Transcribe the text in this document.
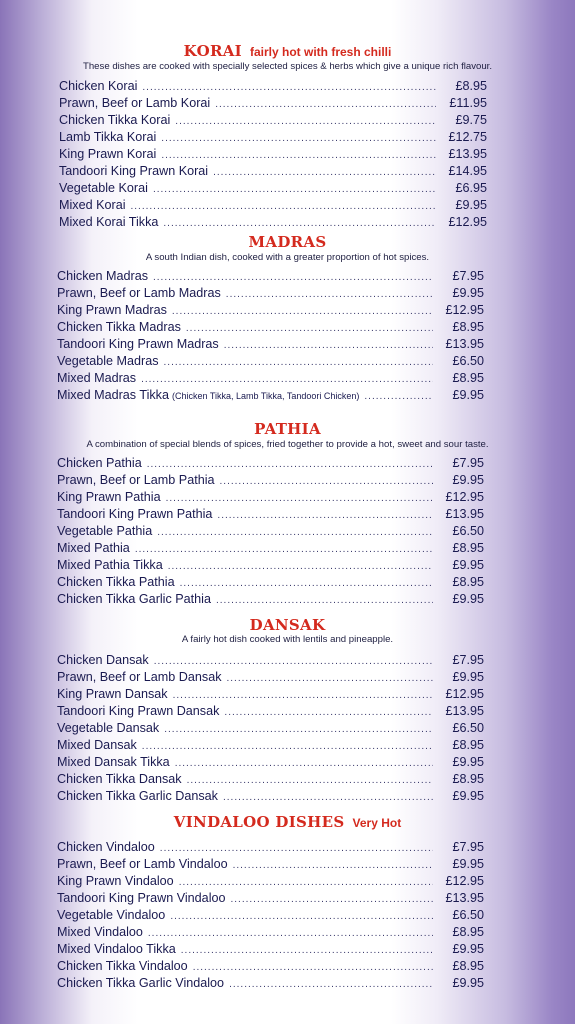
KORAI fairly hot with fresh chilli
These dishes are cooked with specially selected spices & herbs which give a unique rich flavour.
Chicken Korai .....	£8.95
Prawn, Beef or Lamb Korai .....	£11.95
Chicken Tikka Korai .....	£9.75
Lamb Tikka Korai .....	£12.75
King Prawn Korai .....	£13.95
Tandoori King Prawn Korai .....	£14.95
Vegetable Korai .....	£6.95
Mixed Korai .....	£9.95
Mixed Korai Tikka .....	£12.95
MADRAS
A south Indian dish, cooked with a greater proportion of hot spices.
Chicken Madras .....	£7.95
Prawn, Beef or Lamb Madras .....	£9.95
King Prawn Madras .....	£12.95
Chicken Tikka Madras .....	£8.95
Tandoori King Prawn Madras .....	£13.95
Vegetable Madras .....	£6.50
Mixed Madras .....	£8.95
Mixed Madras Tikka (Chicken Tikka, Lamb Tikka, Tandoori Chicken) .....	£9.95
PATHIA
A combination of special blends of spices, fried together to provide a hot, sweet and sour taste.
Chicken Pathia .....	£7.95
Prawn, Beef or Lamb Pathia .....	£9.95
King Prawn Pathia .....	£12.95
Tandoori King Prawn Pathia .....	£13.95
Vegetable Pathia .....	£6.50
Mixed Pathia .....	£8.95
Mixed Pathia Tikka .....	£9.95
Chicken Tikka Pathia .....	£8.95
Chicken Tikka Garlic Pathia .....	£9.95
DANSAK
A fairly hot dish cooked with lentils and pineapple.
Chicken Dansak .....	£7.95
Prawn, Beef or Lamb Dansak .....	£9.95
King Prawn Dansak .....	£12.95
Tandoori King Prawn Dansak .....	£13.95
Vegetable Dansak .....	£6.50
Mixed Dansak .....	£8.95
Mixed Dansak Tikka .....	£9.95
Chicken Tikka Dansak .....	£8.95
Chicken Tikka Garlic Dansak .....	£9.95
VINDALOO DISHES Very Hot
Chicken Vindaloo .....	£7.95
Prawn, Beef or Lamb Vindaloo .....	£9.95
King Prawn Vindaloo .....	£12.95
Tandoori King Prawn Vindaloo .....	£13.95
Vegetable Vindaloo .....	£6.50
Mixed Vindaloo .....	£8.95
Mixed Vindaloo Tikka .....	£9.95
Chicken Tikka Vindaloo .....	£8.95
Chicken Tikka Garlic Vindaloo .....	£9.95
